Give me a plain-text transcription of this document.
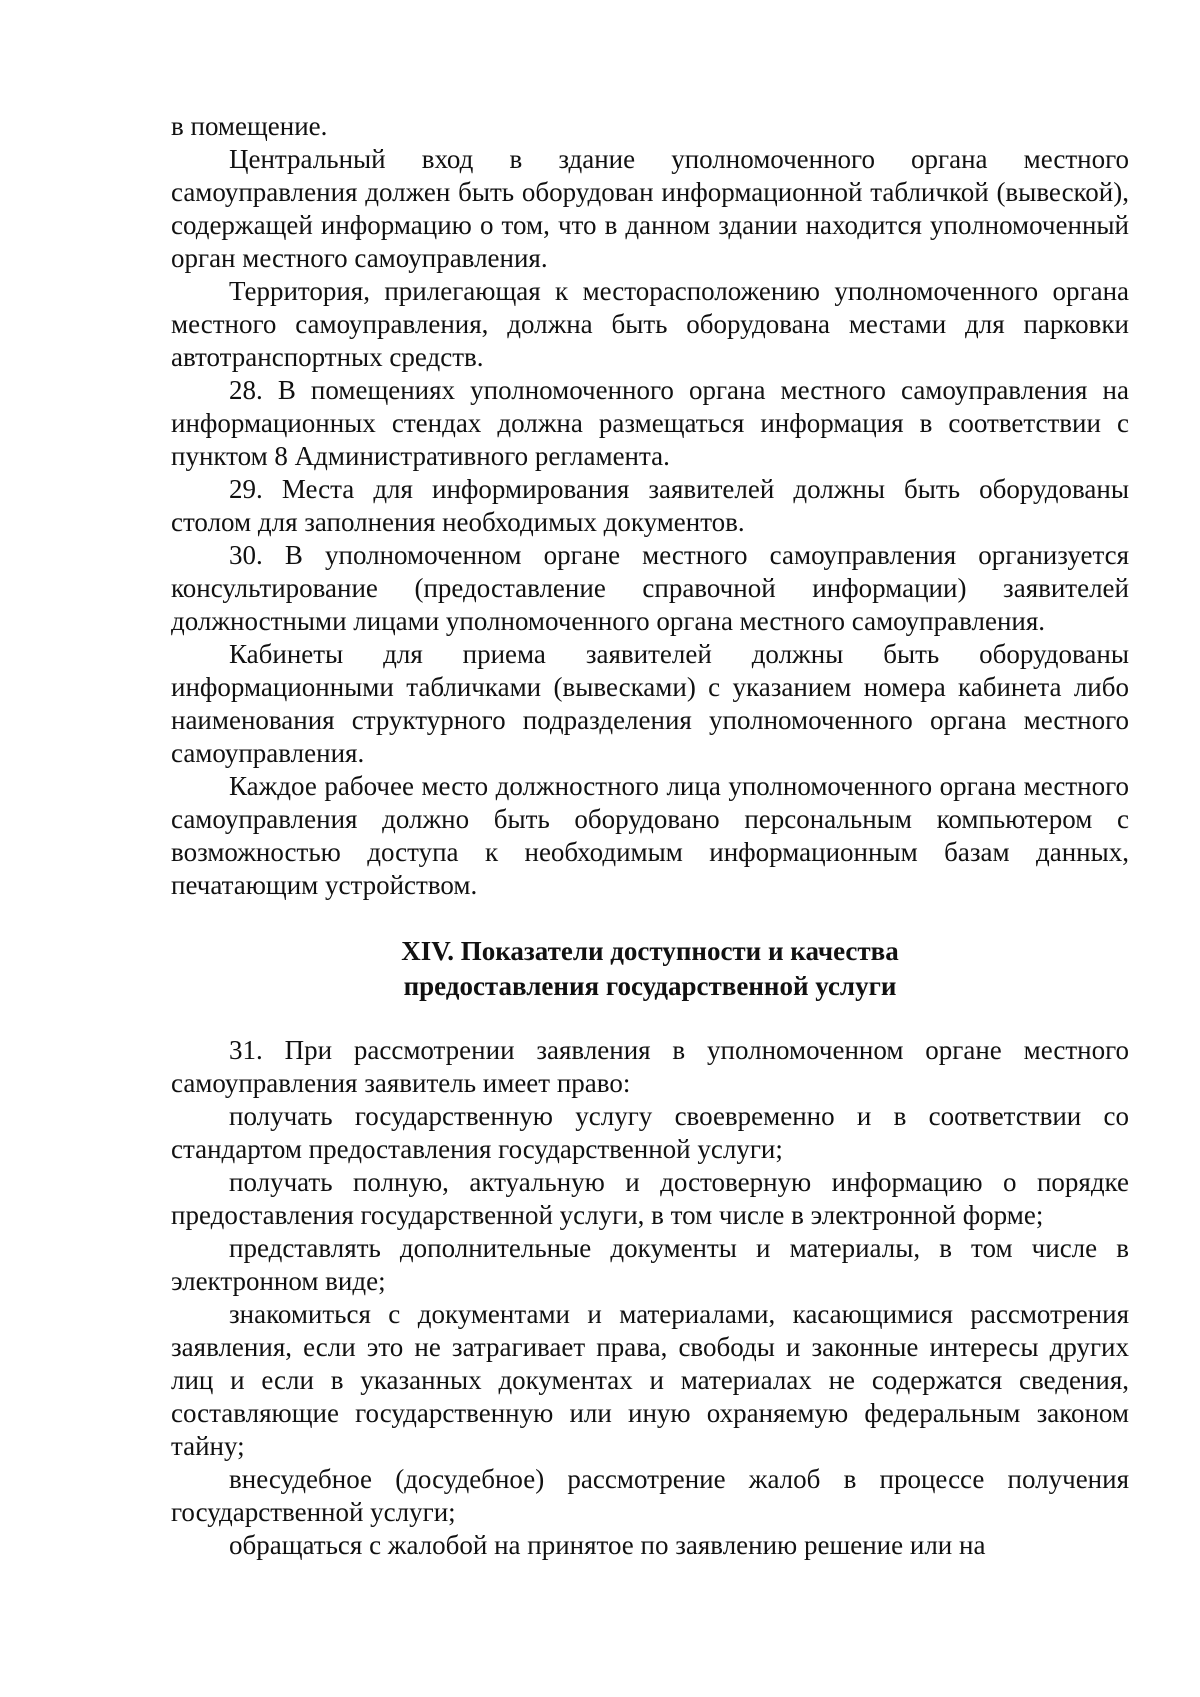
в помещение.

Центральный вход в здание уполномоченного органа местного самоуправления должен быть оборудован информационной табличкой (вывеской), содержащей информацию о том, что в данном здании находится уполномоченный орган местного самоуправления.

Территория, прилегающая к месторасположению уполномоченного органа местного самоуправления, должна быть оборудована местами для парковки автотранспортных средств.

28. В помещениях уполномоченного органа местного самоуправления на информационных стендах должна размещаться информация в соответствии с пунктом 8 Административного регламента.

29. Места для информирования заявителей должны быть оборудованы столом для заполнения необходимых документов.

30. В уполномоченном органе местного самоуправления организуется консультирование (предоставление справочной информации) заявителей должностными лицами уполномоченного органа местного самоуправления.

Кабинеты для приема заявителей должны быть оборудованы информационными табличками (вывесками) с указанием номера кабинета либо наименования структурного подразделения уполномоченного органа местного самоуправления.

Каждое рабочее место должностного лица уполномоченного органа местного самоуправления должно быть оборудовано персональным компьютером с возможностью доступа к необходимым информационным базам данных, печатающим устройством.

XIV. Показатели доступности и качества
предоставления государственной услуги

31. При рассмотрении заявления в уполномоченном органе местного самоуправления заявитель имеет право:

получать государственную услугу своевременно и в соответствии со стандартом предоставления государственной услуги;

получать полную, актуальную и достоверную информацию о порядке предоставления государственной услуги, в том числе в электронной форме;

представлять дополнительные документы и материалы, в том числе в электронном виде;

знакомиться с документами и материалами, касающимися рассмотрения заявления, если это не затрагивает права, свободы и законные интересы других лиц и если в указанных документах и материалах не содержатся сведения, составляющие государственную или иную охраняемую федеральным законом тайну;

внесудебное (досудебное) рассмотрение жалоб в процессе получения государственной услуги;

обращаться с жалобой на принятое по заявлению решение или на
